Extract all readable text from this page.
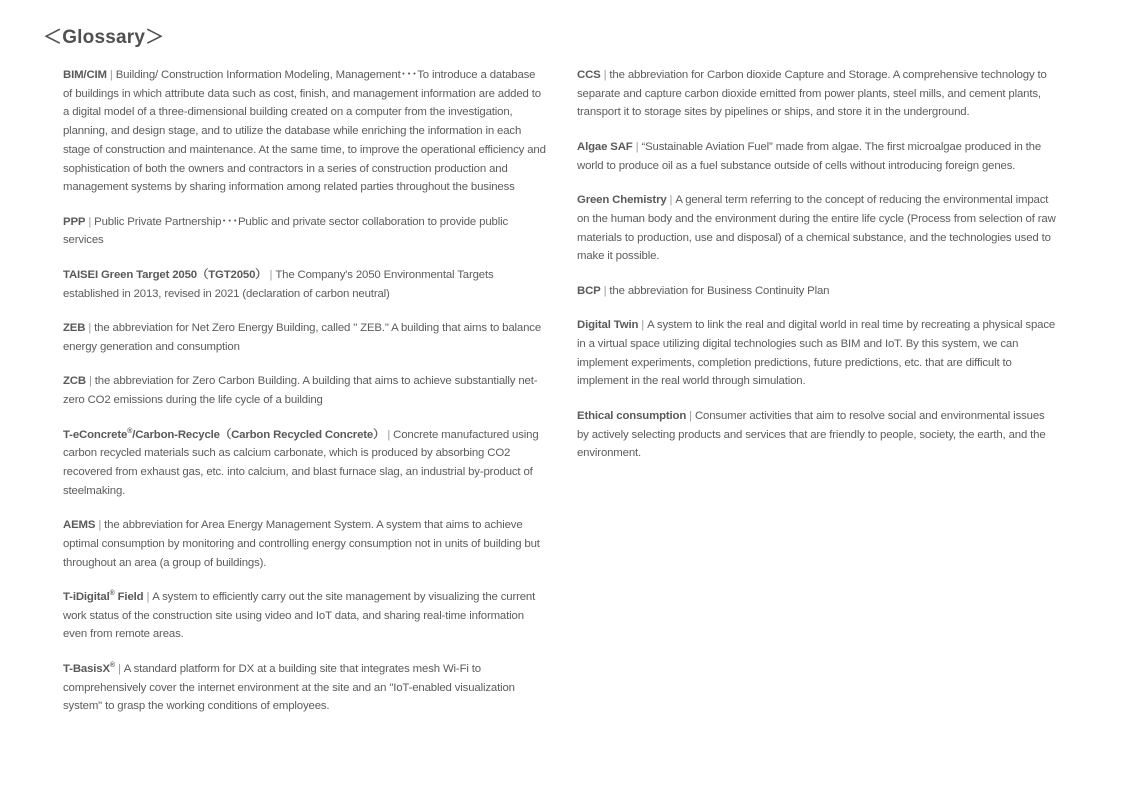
＜Glossary＞

BIM/CIM | Building/ Construction Information Modeling, Management･･･To introduce a database of buildings in which attribute data such as cost, finish, and management information are added to a digital model of a three-dimensional building created on a computer from the investigation, planning, and design stage, and to utilize the database while enriching the information in each stage of construction and maintenance. At the same time, to improve the operational efficiency and sophistication of both the owners and contractors in a series of construction production and management systems by sharing information among related parties throughout the business

PPP | Public Private Partnership･･･Public and private sector collaboration to provide public services

TAISEI Green Target 2050（TGT2050） | The Company's 2050 Environmental Targets established in 2013, revised in 2021 (declaration of carbon neutral)

ZEB | the abbreviation for Net Zero Energy Building, called " ZEB." A building that aims to balance energy generation and consumption

ZCB | the abbreviation for Zero Carbon Building. A building that aims to achieve substantially net-zero CO2 emissions during the life cycle of a building

T-eConcrete®/Carbon-Recycle（Carbon Recycled Concrete） | Concrete manufactured using carbon recycled materials such as calcium carbonate, which is produced by absorbing CO2 recovered from exhaust gas, etc. into calcium, and blast furnace slag, an industrial by-product of steelmaking.

AEMS | the abbreviation for Area Energy Management System. A system that aims to achieve optimal consumption by monitoring and controlling energy consumption not in units of building but throughout an area (a group of buildings).

T-iDigital® Field | A system to efficiently carry out the site management by visualizing the current work status of the construction site using video and IoT data, and sharing real-time information even from remote areas.

T-BasisX® | A standard platform for DX at a building site that integrates mesh Wi-Fi to comprehensively cover the internet environment at the site and an "IoT-enabled visualization system" to grasp the working conditions of employees.

CCS | the abbreviation for Carbon dioxide Capture and Storage. A comprehensive technology to separate and capture carbon dioxide emitted from power plants, steel mills, and cement plants, transport it to storage sites by pipelines or ships, and store it in the underground.

Algae SAF | “Sustainable Aviation Fuel” made from algae. The first microalgae produced in the world to produce oil as a fuel substance outside of cells without introducing foreign genes.

Green Chemistry | A general term referring to the concept of reducing the environmental impact on the human body and the environment during the entire life cycle (Process from selection of raw materials to production, use and disposal) of a chemical substance, and the technologies used to make it possible.

BCP | the abbreviation for Business Continuity Plan

Digital Twin | A system to link the real and digital world in real time by recreating a physical space in a virtual space utilizing digital technologies such as BIM and IoT. By this system, we can implement experiments, completion predictions, future predictions, etc. that are difficult to implement in the real world through simulation.

Ethical consumption | Consumer activities that aim to resolve social and environmental issues by actively selecting products and services that are friendly to people, society, the earth, and the environment.
